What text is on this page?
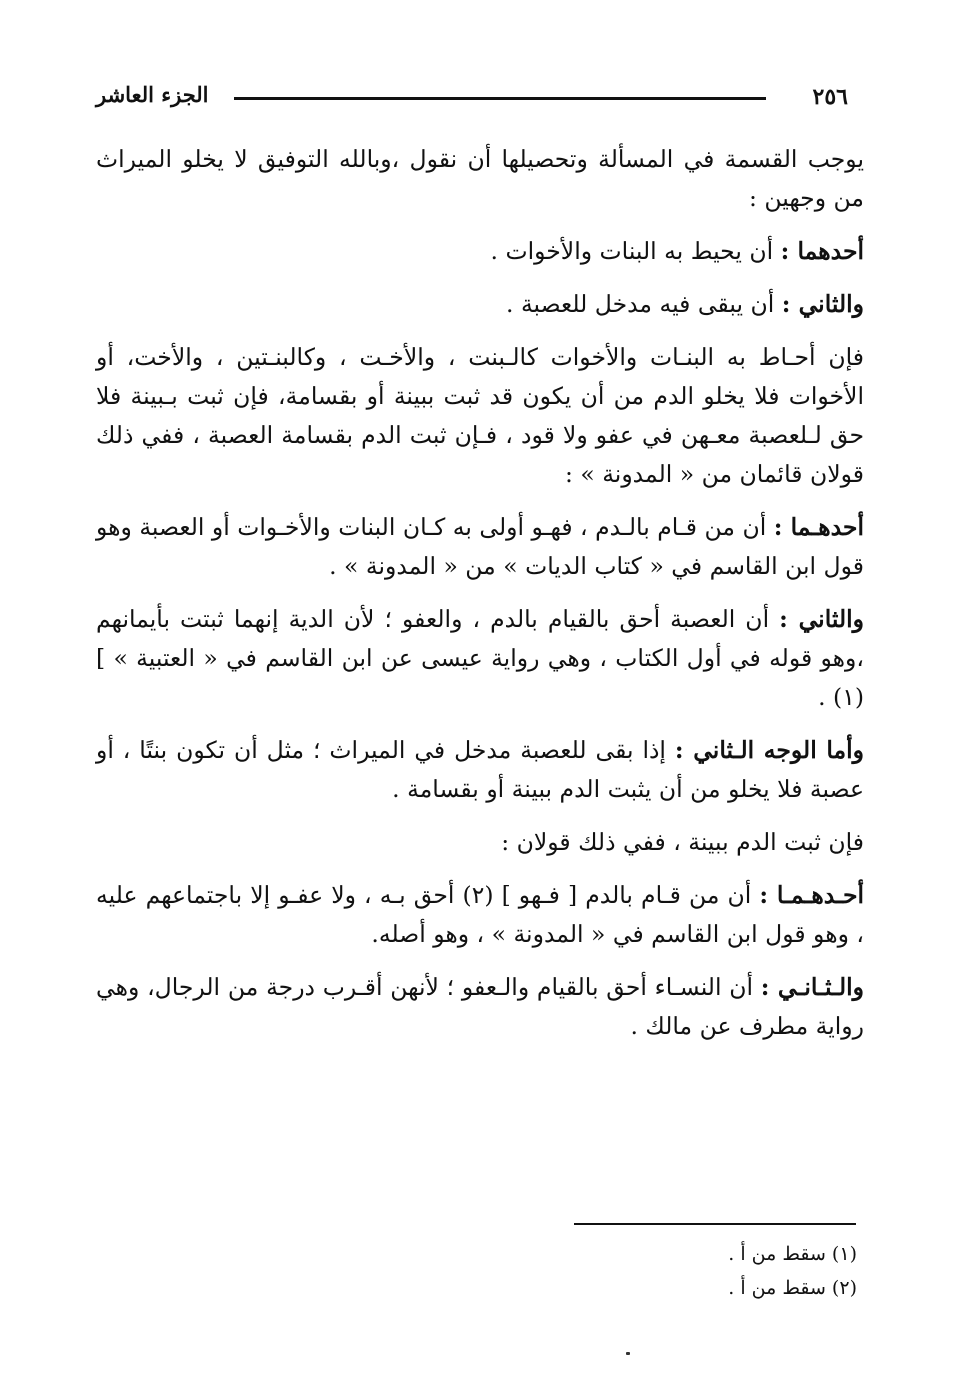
٢٥٦
الجزء العاشر

يوجب القسمة في المسألة وتحصيلها أن نقول ،وبالله التوفيق لا يخلو الميراث من وجهين :

أحدهما : أن يحيط به البنات والأخوات .

والثاني : أن يبقى فيه مدخل للعصبة .

فإن أحـاط به البنـات والأخوات كالـبنت ، والأخـت ، وكالبنـتين ، والأخت، أو الأخوات فلا يخلو الدم من أن يكون قد ثبت ببينة أو بقسامة، فإن ثبت بـبينة فلا حق لـلعصبة معـهن في عفو ولا قود ، فـإن ثبت الدم بقسامة العصبة ، ففي ذلك قولان قائمان من « المدونة » :

أحدهـما : أن من قـام بالـدم ، فهـو أولى به كـان البنات والأخـوات أو العصبة وهو قول ابن القاسم في « كتاب الديات » من « المدونة » .

والثاني : أن العصبة أحق بالقيام بالدم ، والعفو ؛ لأن الدية إنهما ثبتت بأيمانهم ،وهو قوله في أول الكتاب ، وهي رواية عيسى عن ابن القاسم في « العتبية » ] (١) .

وأما الوجه الـثاني : إذا بقى للعصبة مدخل في الميراث ؛ مثل أن تكون بنتًا ، أو عصبة فلا يخلو من أن يثبت الدم ببينة أو بقسامة .

فإن ثبت الدم ببينة ، ففي ذلك قولان :

أحـدهـمـا : أن من قـام بالدم [ فـهو ] (٢) أحق بـه ، ولا عفـو إلا باجتماعهم عليه ، وهو قول ابن القاسم في « المدونة » ، وهو أصله.

والـثـانـي : أن النسـاء أحق بالقيام والـعفو ؛ لأنهن أقـرب درجة من الرجال، وهي رواية مطرف عن مالك .

(١) سقط من أ .
(٢) سقط من أ .
